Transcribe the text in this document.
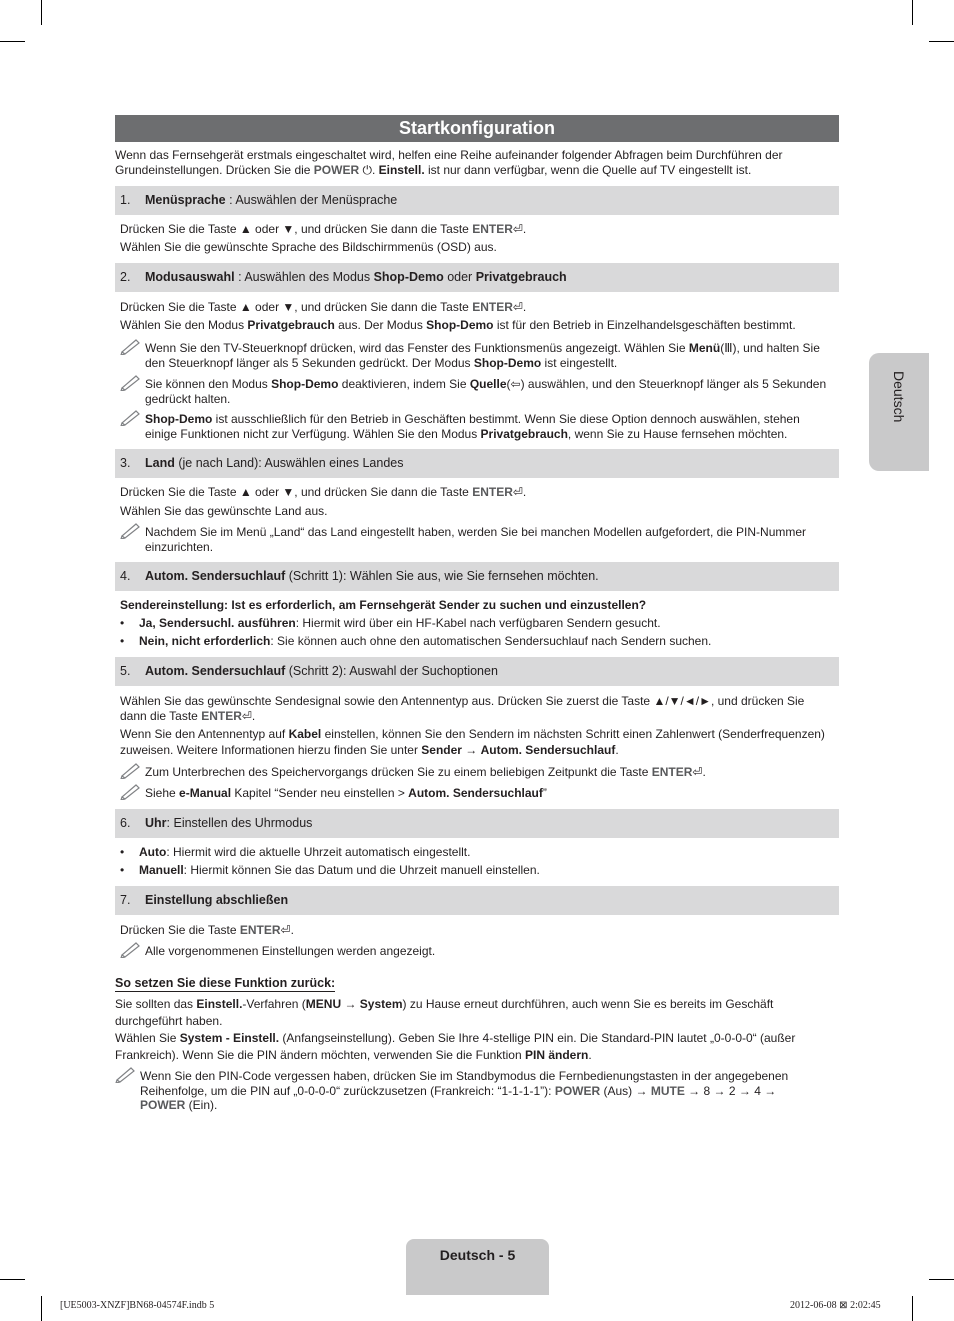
Startkonfiguration
Deutsch
Wenn das Fernsehgerät erstmals eingeschaltet wird, helfen eine Reihe aufeinander folgender Abfragen beim Durchführen der
Grundeinstellungen. Drücken Sie die POWER ⏻. Einstell. ist nur dann verfügbar, wenn die Quelle auf TV eingestellt ist.
1. Menüsprache : Auswählen der Menüsprache
Drücken Sie die Taste ▲ oder ▼, und drücken Sie dann die Taste ENTER⏎.
Wählen Sie die gewünschte Sprache des Bildschirmmenüs (OSD) aus.
2. Modusauswahl : Auswählen des Modus Shop-Demo oder Privatgebrauch
Drücken Sie die Taste ▲ oder ▼, und drücken Sie dann die Taste ENTER⏎.
Wählen Sie den Modus Privatgebrauch aus. Der Modus Shop-Demo ist für den Betrieb in Einzelhandelsgeschäften bestimmt.
Wenn Sie den TV-Steuerknopf drücken, wird das Fenster des Funktionsmenüs angezeigt. Wählen Sie Menü(Ⅲ), und halten Sie den Steuerknopf länger als 5 Sekunden gedrückt. Der Modus Shop-Demo ist eingestellt.
Sie können den Modus Shop-Demo deaktivieren, indem Sie Quelle(⇦) auswählen, und den Steuerknopf länger als 5 Sekunden gedrückt halten.
Shop-Demo ist ausschließlich für den Betrieb in Geschäften bestimmt. Wenn Sie diese Option dennoch auswählen, stehen einige Funktionen nicht zur Verfügung. Wählen Sie den Modus Privatgebrauch, wenn Sie zu Hause fernsehen möchten.
3. Land (je nach Land): Auswählen eines Landes
Drücken Sie die Taste ▲ oder ▼, und drücken Sie dann die Taste ENTER⏎.
Wählen Sie das gewünschte Land aus.
Nachdem Sie im Menü „Land“ das Land eingestellt haben, werden Sie bei manchen Modellen aufgefordert, die PIN-Nummer einzurichten.
4. Autom. Sendersuchlauf (Schritt 1): Wählen Sie aus, wie Sie fernsehen möchten.
Sendereinstellung: Ist es erforderlich, am Fernsehgerät Sender zu suchen und einzustellen?
• Ja, Sendersuchl. ausführen: Hiermit wird über ein HF-Kabel nach verfügbaren Sendern gesucht.
• Nein, nicht erforderlich: Sie können auch ohne den automatischen Sendersuchlauf nach Sendern suchen.
5. Autom. Sendersuchlauf (Schritt 2): Auswahl der Suchoptionen
Wählen Sie das gewünschte Sendesignal sowie den Antennentyp aus. Drücken Sie zuerst die Taste ▲/▼/◄/►, und drücken Sie
dann die Taste ENTER⏎.
Wenn Sie den Antennentyp auf Kabel einstellen, können Sie den Sendern im nächsten Schritt einen Zahlenwert (Senderfrequenzen)
zuweisen. Weitere Informationen hierzu finden Sie unter Sender → Autom. Sendersuchlauf.
Zum Unterbrechen des Speichervorgangs drücken Sie zu einem beliebigen Zeitpunkt die Taste ENTER⏎.
Siehe e-Manual Kapitel “Sender neu einstellen > Autom. Sendersuchlauf”
6. Uhr: Einstellen des Uhrmodus
• Auto: Hiermit wird die aktuelle Uhrzeit automatisch eingestellt.
• Manuell: Hiermit können Sie das Datum und die Uhrzeit manuell einstellen.
7. Einstellung abschließen
Drücken Sie die Taste ENTER⏎.
Alle vorgenommenen Einstellungen werden angezeigt.
So setzen Sie diese Funktion zurück:
Sie sollten das Einstell.-Verfahren (MENU → System) zu Hause erneut durchführen, auch wenn Sie es bereits im Geschäft
durchgeführt haben.
Wählen Sie System - Einstell. (Anfangseinstellung). Geben Sie Ihre 4-stellige PIN ein. Die Standard-PIN lautet „0-0-0-0“ (außer
Frankreich). Wenn Sie die PIN ändern möchten, verwenden Sie die Funktion PIN ändern.
Wenn Sie den PIN-Code vergessen haben, drücken Sie im Standbymodus die Fernbedienungstasten in der angegebenen Reihenfolge, um die PIN auf „0-0-0-0“ zurückzusetzen (Frankreich: “1-1-1-1”): POWER (Aus) → MUTE → 8 → 2 → 4 → POWER (Ein).
Deutsch - 5
[UE5003-XNZF]BN68-04574F.indb 5	2012-06-08 ⊠ 2:02:45
